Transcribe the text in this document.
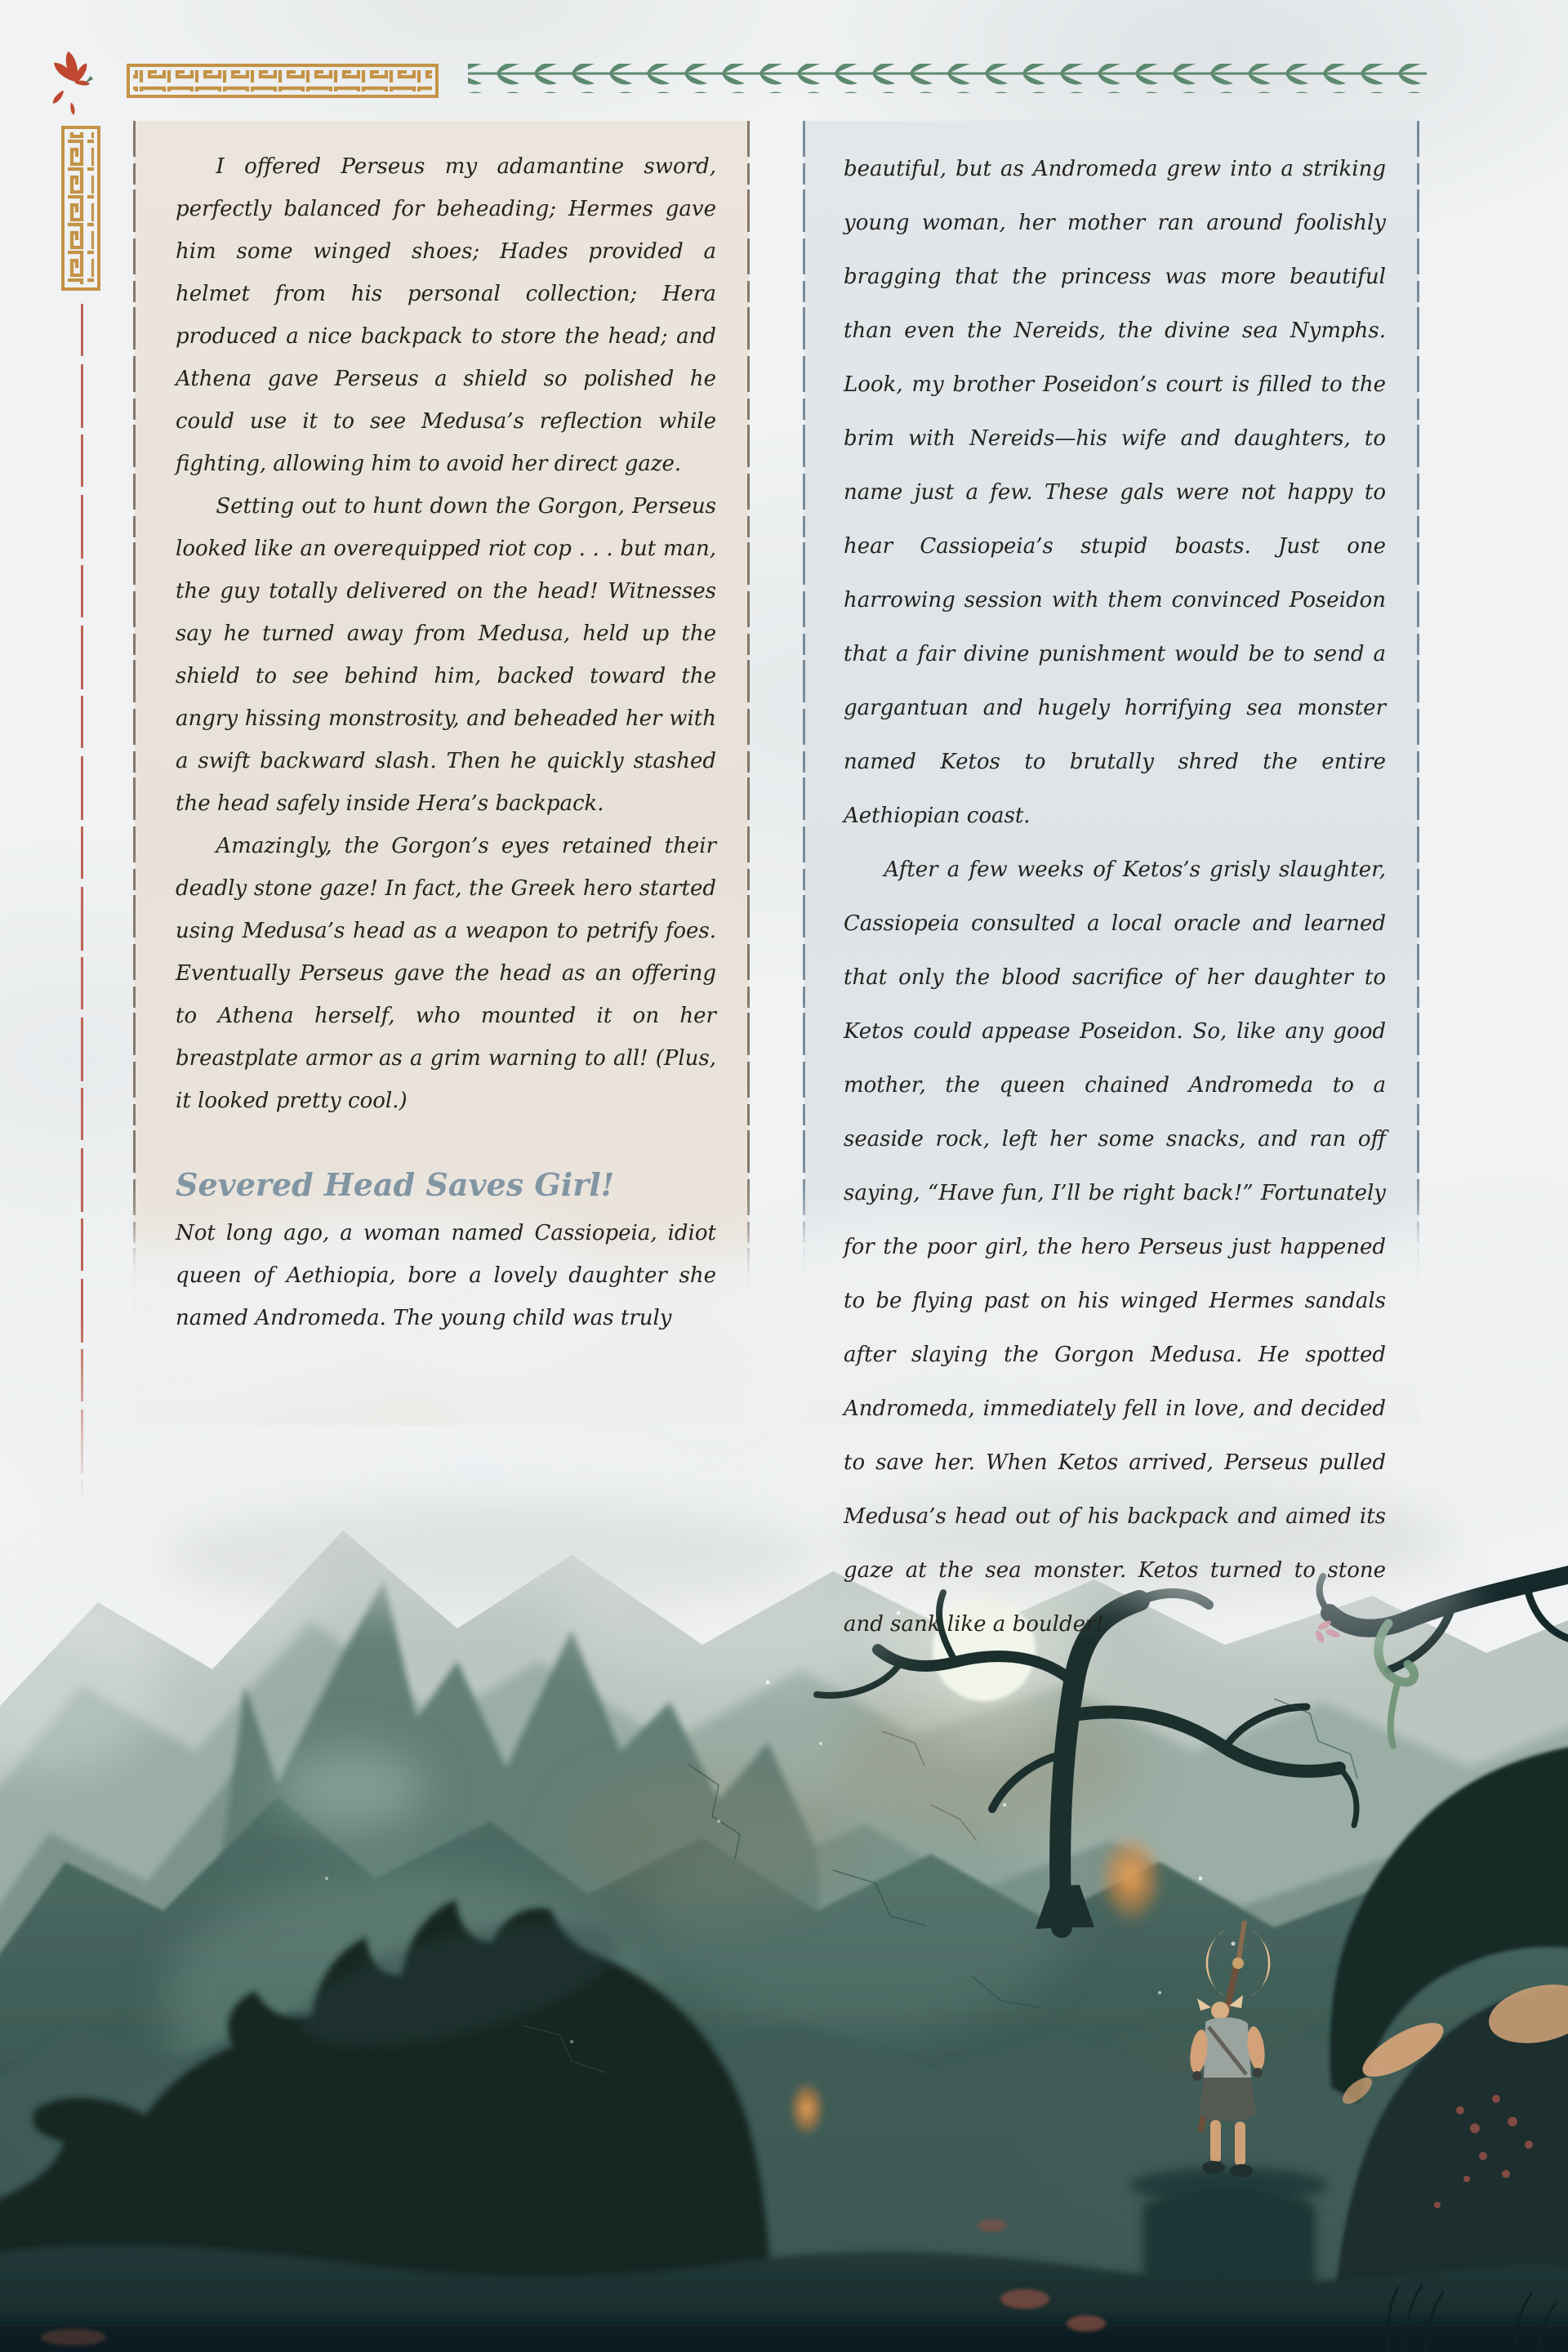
I offered Perseus my adamantine sword, perfectly balanced for beheading; Hermes gave him some winged shoes; Hades provided a helmet from his personal collection; Hera produced a nice backpack to store the head; and Athena gave Perseus a shield so polished he could use it to see Medusa’s reflection while fighting, allowing him to avoid her direct gaze.

Setting out to hunt down the Gorgon, Perseus looked like an overequipped riot cop . . . but man, the guy totally delivered on the head! Witnesses say he turned away from Medusa, held up the shield to see behind him, backed toward the angry hissing monstrosity, and beheaded her with a swift backward slash. Then he quickly stashed the head safely inside Hera’s backpack.

Amazingly, the Gorgon’s eyes retained their deadly stone gaze! In fact, the Greek hero started using Medusa’s head as a weapon to petrify foes. Eventually Perseus gave the head as an offering to Athena herself, who mounted it on her breastplate armor as a grim warning to all! (Plus, it looked pretty cool.)

Severed Head Saves Girl!

Not long ago, a woman named Cassiopeia, idiot queen of Aethiopia, bore a lovely daughter she named Andromeda. The young child was truly

beautiful, but as Andromeda grew into a striking young woman, her mother ran around foolishly bragging that the princess was more beautiful than even the Nereids, the divine sea Nymphs. Look, my brother Poseidon’s court is filled to the brim with Nereids—his wife and daughters, to name just a few. These gals were not happy to hear Cassiopeia’s stupid boasts. Just one harrowing session with them convinced Poseidon that a fair divine punishment would be to send a gargantuan and hugely horrifying sea monster named Ketos to brutally shred the entire Aethiopian coast.

After a few weeks of Ketos’s grisly slaughter, Cassiopeia consulted a local oracle and learned that only the blood sacrifice of her daughter to Ketos could appease Poseidon. So, like any good mother, the queen chained Andromeda to a seaside rock, left her some snacks, and ran off saying, “Have fun, I’ll be right back!” Fortunately for the poor girl, the hero Perseus just happened to be flying past on his winged Hermes sandals after slaying the Gorgon Medusa. He spotted Andromeda, immediately fell in love, and decided to save her. When Ketos arrived, Perseus pulled Medusa’s head out of his backpack and aimed its gaze at the sea monster. Ketos turned to stone and sank like a boulder!
